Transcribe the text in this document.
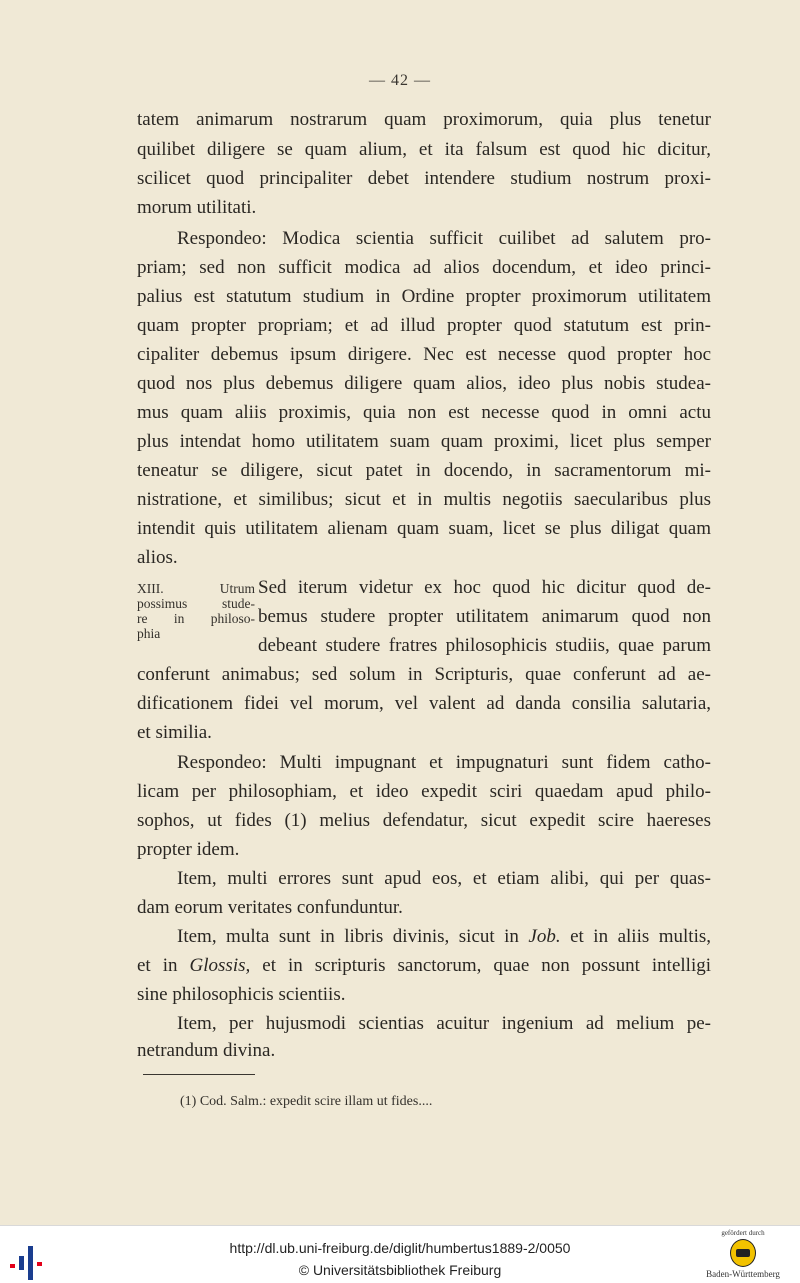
— 42 —
tatem animarum nostrarum quam proximorum, quia plus tenetur
quilibet diligere se quam alium, et ita falsum est quod hic dicitur,
scilicet quod principaliter debet intendere studium nostrum proxi-
morum utilitati.
Respondeo: Modica scientia sufficit cuilibet ad salutem pro-
priam; sed non sufficit modica ad alios docendum, et ideo princi-
palius est statutum studium in Ordine propter proximorum utilitatem
quam propter propriam; et ad illud propter quod statutum est prin-
cipaliter debemus ipsum dirigere. Nec est necesse quod propter hoc
quod nos plus debemus diligere quam alios, ideo plus nobis studea-
mus quam aliis proximis, quia non est necesse quod in omni actu
plus intendat homo utilitatem suam quam proximi, licet plus semper
teneatur se diligere, sicut patet in docendo, in sacramentorum mi-
nistratione, et similibus; sicut et in multis negotiis saecularibus plus
intendit quis utilitatem alienam quam suam, licet se plus diligat quam
alios.
XIII. Utrum
possimus stude-
re in philoso-
phia
Sed iterum videtur ex hoc quod hic dicitur quod de-
bemus studere propter utilitatem animarum quod non
debeant studere fratres philosophicis studiis, quae parum
conferunt animabus; sed solum in Scripturis, quae conferunt ad ae-
dificationem fidei vel morum, vel valent ad danda consilia salutaria,
et similia.
Respondeo: Multi impugnant et impugnaturi sunt fidem catho-
licam per philosophiam, et ideo expedit sciri quaedam apud philo-
sophos, ut fides (1) melius defendatur, sicut expedit scire haereses
propter idem.
Item, multi errores sunt apud eos, et etiam alibi, qui per quas-
dam eorum veritates confunduntur.
Item, multa sunt in libris divinis, sicut in Job. et in aliis multis,
et in Glossis, et in scripturis sanctorum, quae non possunt intelligi
sine philosophicis scientiis.
Item, per hujusmodi scientias acuitur ingenium ad melium pe-
netrandum divina.
(1) Cod. Salm.: expedit scire illam ut fides....
http://dl.ub.uni-freiburg.de/diglit/humbertus1889-2/0050
© Universitätsbibliothek Freiburg
gefördert durch
Baden-Württemberg
